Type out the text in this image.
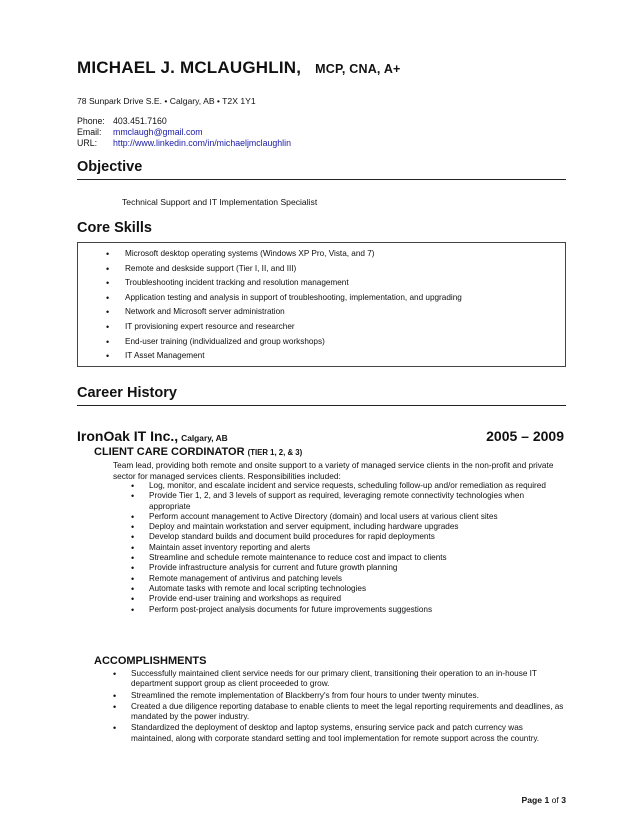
MICHAEL J. MCLAUGHLIN, MCP, CNA, A+
78 Sunpark Drive S.E. • Calgary, AB • T2X 1Y1
Phone: 403.451.7160
Email: mmclaugh@gmail.com
URL: http://www.linkedin.com/in/michaeljmclaughlin
Objective
Technical Support and IT Implementation Specialist
Core Skills
• Microsoft desktop operating systems (Windows XP Pro, Vista, and 7)
• Remote and deskside support (Tier I, II, and III)
• Troubleshooting incident tracking and resolution management
• Application testing and analysis in support of troubleshooting, implementation, and upgrading
• Network and Microsoft server administration
• IT provisioning expert resource and researcher
• End-user training (individualized and group workshops)
• IT Asset Management
Career History
IronOak IT Inc., Calgary, AB	2005 – 2009
CLIENT CARE CORDINATOR (TIER 1, 2, & 3)
Team lead, providing both remote and onsite support to a variety of managed service clients in the non-profit and private sector for managed services clients. Responsibilities included:
• Log, monitor, and escalate incident and service requests, scheduling follow-up and/or remediation as required
• Provide Tier 1, 2, and 3 levels of support as required, leveraging remote connectivity technologies when appropriate
• Perform account management to Active Directory (domain) and local users at various client sites
• Deploy and maintain workstation and server equipment, including hardware upgrades
• Develop standard builds and document build procedures for rapid deployments
• Maintain asset inventory reporting and alerts
• Streamline and schedule remote maintenance to reduce cost and impact to clients
• Provide infrastructure analysis for current and future growth planning
• Remote management of antivirus and patching levels
• Automate tasks with remote and local scripting technologies
• Provide end-user training and workshops as required
• Perform post-project analysis documents for future improvements suggestions
ACCOMPLISHMENTS
• Successfully maintained client service needs for our primary client, transitioning their operation to an in-house IT department support group as client proceeded to grow.
• Streamlined the remote implementation of Blackberry's from four hours to under twenty minutes.
• Created a due diligence reporting database to enable clients to meet the legal reporting requirements and deadlines, as mandated by the power industry.
• Standardized the deployment of desktop and laptop systems, ensuring service pack and patch currency was maintained, along with corporate standard setting and tool implementation for remote support across the country.
Page 1 of 3
